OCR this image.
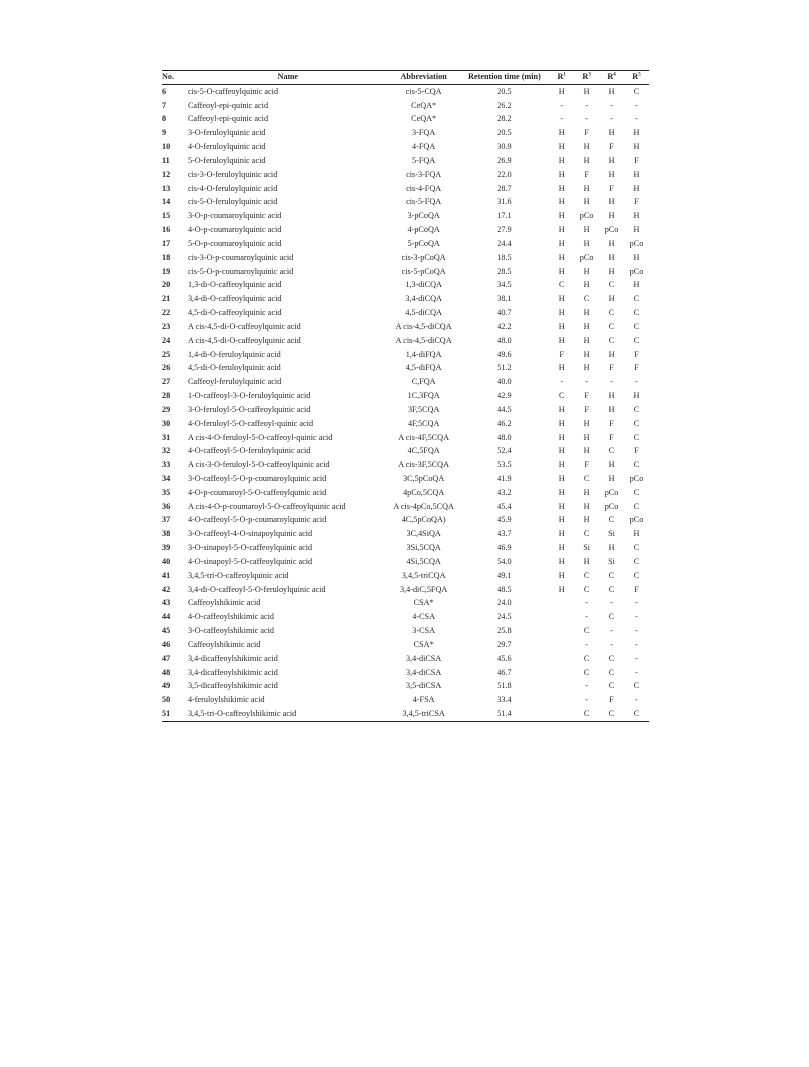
No.	Name	Abbreviation	Retention time (min)	$R^1$	$R^3$	$R^4$	$R^5$
6	cis-5-O-caffeoylquinic acid	cis-5-CQA	20.5	H	H	H	C
7	Caffeoyl-epi-quinic acid	CeQA*	26.2	-	-	-	-
8	Caffeoyl-epi-quinic acid	CeQA*	28.2	-	-	-	-
9	3-O-feruloylquinic acid	3-FQA	20.5	H	F	H	H
10	4-O-feruloylquinic acid	4-FQA	30.9	H	H	F	H
11	5-O-feruloylquinic acid	5-FQA	26.9	H	H	H	F
12	cis-3-O-feruloylquinic acid	cis-3-FQA	22.0	H	F	H	H
13	cis-4-O-feruloylquinic acid	cis-4-FQA	28.7	H	H	F	H
14	cis-5-O-feruloylquinic acid	cis-5-FQA	31.6	H	H	H	F
15	3-O-p-coumaroylquinic acid	3-pCoQA	17.1	H	pCo	H	H
16	4-O-p-coumaroylquinic acid	4-pCoQA	27.9	H	H	pCo	H
17	5-O-p-coumaroylquinic acid	5-pCoQA	24.4	H	H	H	pCo
18	cis-3-O-p-coumaroylquinic acid	cis-3-pCoQA	18.5	H	pCo	H	H
19	cis-5-O-p-coumaroylquinic acid	cis-5-pCoQA	28.5	H	H	H	pCo
20	1,3-di-O-caffeoylquinic acid	1,3-diCQA	34.5	C	H	C	H
21	3,4-di-O-caffeoylquinic acid	3,4-diCQA	38.1	H	C	H	C
22	4,5-di-O-caffeoylquinic acid	4,5-diCQA	40.7	H	H	C	C
23	A cis-4,5-di-O-caffeoylquinic acid	A cis-4,5-diCQA	42.2	H	H	C	C
24	A cis-4,5-di-O-caffeoylquinic acid	A cis-4,5-diCQA	48.0	H	H	C	C
25	1,4-di-O-feruloylquinic acid	1,4-diFQA	49.6	F	H	H	F
26	4,5-di-O-feruloylquinic acid	4,5-diFQA	51.2	H	H	F	F
27	Caffeoyl-feruloylquinic acid	C,FQA	40.0	-	-	-	-
28	1-O-caffeoyl-3-O-feruloylquinic acid	1C,3FQA	42.9	C	F	H	H
29	3-O-feruloyl-5-O-caffeoylquinic acid	3F,5CQA	44.5	H	F	H	C
30	4-O-feruloyl-5-O-caffeoyl-quinic acid	4F,5CQA	46.2	H	H	F	C
31	A cis-4-O-feruloyl-5-O-caffeoyl-quinic acid	A cis-4F,5CQA	48.0	H	H	F	C
32	4-O-caffeoyl-5-O-feruloylquinic acid	4C,5FQA	52.4	H	H	C	F
33	A cis-3-O-feruloyl-5-O-caffeoylquinic acid	A cis-3F,5CQA	53.5	H	F	H	C
34	3-O-caffeoyl-5-O-p-coumaroylquinic acid	3C,5pCoQA	41.9	H	C	H	pCo
35	4-O-p-coumaroyl-5-O-caffeoylquinic acid	4pCo,5CQA	43.2	H	H	pCo	C
36	A cis-4-O-p-coumaroyl-5-O-caffeoylquinic acid	A cis-4pCo,5CQA	45.4	H	H	pCo	C
37	4-O-caffeoyl-5-O-p-coumaroylquinic acid	4C,5pCoQA)	45.9	H	H	C	pCo
38	3-O-caffeoyl-4-O-sinapoylquinic acid	3C,4SiQA	43.7	H	C	Si	H
39	3-O-sinapoyl-5-O-caffeoylquinic acid	3Si,5CQA	46.9	H	Si	H	C
40	4-O-sinapoyl-5-O-caffeoylquinic acid	4Si,5CQA	54.0	H	H	Si	C
41	3,4,5-tri-O-caffeoylquinic acid	3,4,5-triCQA	49.1	H	C	C	C
42	3,4-di-O-caffeoyl-5-O-feruloylquinic acid	3,4-diC,5FQA	48.5	H	C	C	F
43	Caffeoylshikimic acid	CSA*	24.0		-	-	-
44	4-O-caffeoylshikimic acid	4-CSA	24.5		-	C	-
45	3-O-caffeoylshikimic acid	3-CSA	25.8		C	-	-
46	Caffeoylshikimic acid	CSA*	29.7		-	-	-
47	3,4-dicaffeoylshikimic acid	3,4-diCSA	45.6		C	C	-
48	3,4-dicaffeoylshikimic acid	3,4-diCSA	46.7		C	C	-
49	3,5-dicaffeoylshikimic acid	3,5-diCSA	51.8		-	C	C
50	4-feruloylshikimic acid	4-FSA	33.4		-	F	-
51	3,4,5-tri-O-caffeoylshikimic acid	3,4,5-triCSA	51.4		C	C	C
